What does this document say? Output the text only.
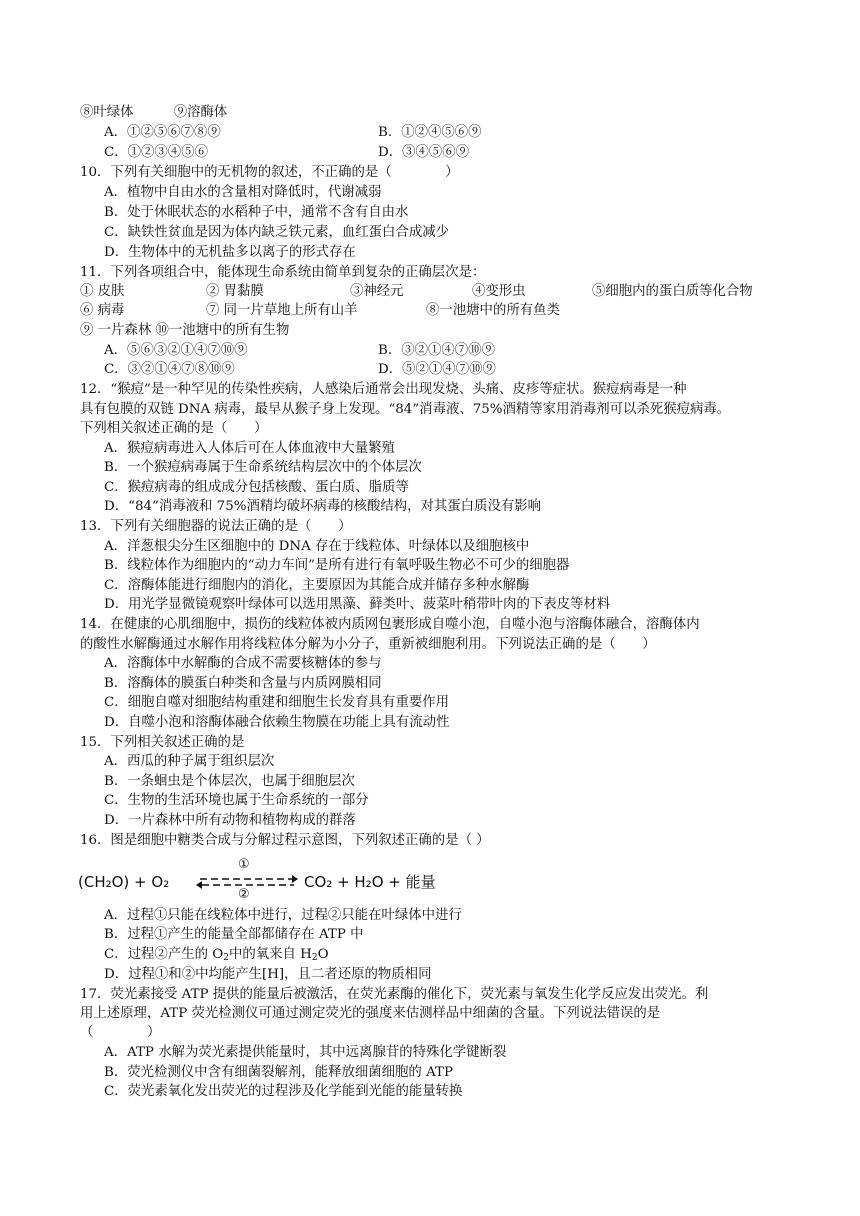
⑧叶绿体　　　⑨溶酶体
A．①②⑤⑥⑦⑧⑨	B．①②④⑤⑥⑨
C．①②③④⑤⑥	D．③④⑤⑥⑨
10．下列有关细胞中的无机物的叙述，不正确的是（　　　　）
A．植物中自由水的含量相对降低时，代谢减弱
B．处于休眠状态的水稻种子中，通常不含有自由水
C．缺铁性贫血是因为体内缺乏铁元素，血红蛋白合成减少
D．生物体中的无机盐多以离子的形式存在
11．下列各项组合中，能体现生命系统由简单到复杂的正确层次是：
① 皮肤	② 胃黏膜	③神经元	④变形虫	⑤细胞内的蛋白质等化合物
⑥ 病毒	⑦ 同一片草地上所有山羊	⑧一池塘中的所有鱼类
⑨ 一片森林 ⑩一池塘中的所有生物
A．⑤⑥③②①④⑦⑩⑨	B．③②①④⑦⑩⑨
C．③②①④⑦⑧⑩⑨	D．⑤②①④⑦⑩⑨
12．“猴痘”是一种罕见的传染性疾病，人感染后通常会出现发烧、头痛、皮疹等症状。猴痘病毒是一种
具有包膜的双链 DNA 病毒，最早从猴子身上发现。“84”消毒液、75%酒精等家用消毒剂可以杀死猴痘病毒。
下列相关叙述正确的是（　　）
A．猴痘病毒进入人体后可在人体血液中大量繁殖
B．一个猴痘病毒属于生命系统结构层次中的个体层次
C．猴痘病毒的组成成分包括核酸、蛋白质、脂质等
D．“84”消毒液和 75%酒精均破坏病毒的核酸结构，对其蛋白质没有影响
13．下列有关细胞器的说法正确的是（　　）
A．洋葱根尖分生区细胞中的 DNA 存在于线粒体、叶绿体以及细胞核中
B．线粒体作为细胞内的“动力车间”是所有进行有氧呼吸生物必不可少的细胞器
C．溶酶体能进行细胞内的消化，主要原因为其能合成并储存多种水解酶
D．用光学显微镜观察叶绿体可以选用黑藻、藓类叶、菠菜叶稍带叶肉的下表皮等材料
14．在健康的心肌细胞中，损伤的线粒体被内质网包裹形成自噬小泡，自噬小泡与溶酶体融合，溶酶体内
的酸性水解酶通过水解作用将线粒体分解为小分子，重新被细胞利用。下列说法正确的是（　　）
A．溶酶体中水解酶的合成不需要核糖体的参与
B．溶酶体的膜蛋白种类和含量与内质网膜相同
C．细胞自噬对细胞结构重建和细胞生长发育具有重要作用
D．自噬小泡和溶酶体融合依赖生物膜在功能上具有流动性
15．下列相关叙述正确的是
A．西瓜的种子属于组织层次
B．一条蛔虫是个体层次，也属于细胞层次
C．生物的生活环境也属于生命系统的一部分
D．一片森林中所有动物和植物构成的群落
16．图是细胞中糖类合成与分解过程示意图，下列叙述正确的是（ ）
(CH₂O) + O₂
①
②
CO₂ + H₂O + 能量
A．过程①只能在线粒体中进行，过程②只能在叶绿体中进行
B．过程①产生的能量全部都储存在 ATP 中
C．过程②产生的 $O_2$中的氧来自 $H_2O$
D．过程①和②中均能产生[H]，且二者还原的物质相同
17．荧光素接受 ATP 提供的能量后被激活，在荧光素酶的催化下，荧光素与氧发生化学反应发出荧光。利
用上述原理，ATP 荧光检测仪可通过测定荧光的强度来估测样品中细菌的含量。下列说法错误的是
（　　　　）
A．ATP 水解为荧光素提供能量时，其中远离腺苷的特殊化学键断裂
B．荧光检测仪中含有细菌裂解剂，能释放细菌细胞的 ATP
C．荧光素氧化发出荧光的过程涉及化学能到光能的能量转换
